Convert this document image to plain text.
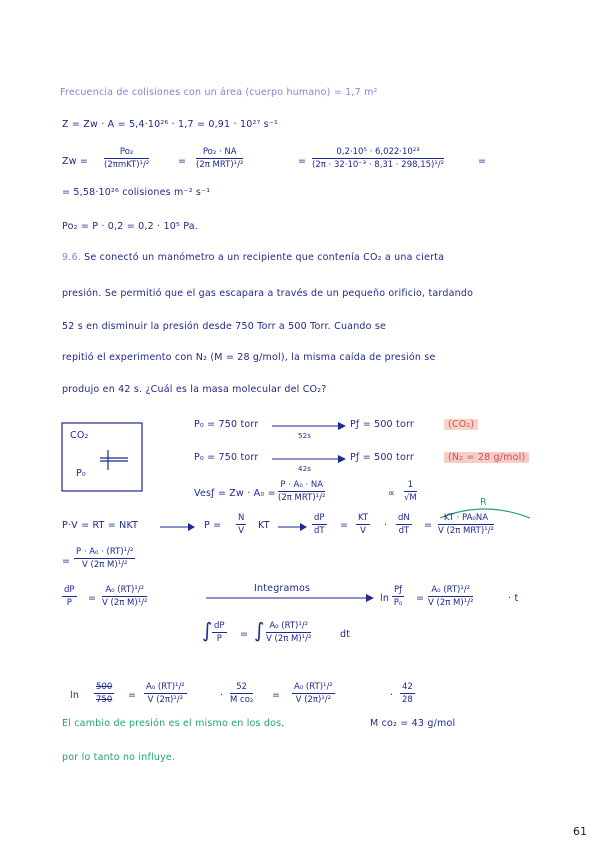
Frecuencia de colisiones con un área (cuerpo humano) = 1,7 m²
Z = Zw · A = 5,4·10²⁶ · 1,7 = 0,91 · 10²⁷ s⁻¹
Zw =
Po₂
(2πmKT)¹/²	=
Po₂ · NA
(2π MRT)¹/²	= $\frac{\text{0,2·10⁵ · 6,022·10²³}}{\text{(2π · 32·10⁻³ · 8,31 · 298,15)¹/²}}$	=
= 5,58·10²⁶ colisiones m⁻² s⁻¹
Po₂ = P · 0,2 = 0,2 · 10⁵ Pa.
9.6. Se conectó un manómetro a un recipiente que contenía CO₂ a una cierta
presión. Se permitió que el gas escapara a través de un pequeño orificio, tardando
52 s en disminuir la presión desde 750 Torr a 500 Torr. Cuando se
repitió el experimento con N₂ (M = 28 g/mol), la misma caída de presión se
produjo en 42 s. ¿Cuál es la masa molecular del CO₂?
CO₂
P₀
P₀ = 750 torr
52s
Pƒ = 500 torr	(CO₂)
P₀ = 750 torr
42s
Pƒ = 500 torr	(N₂ = 28 g/mol)
Vesƒ = Zw · A₀ =
P · A₀ · NA
(2π MRT)¹/²	∝ $\frac{1}{√M}$
P·V = RT = NKT	$P = \frac{N}{V}$ KT	$\frac{dP}{dT} = \frac{KT}{V} \cdot \frac{dN}{dT}$ =
R
KT · PA₀NA
V (2π MRT)¹/²
= $\frac{\text{P · A₀ · (RT)¹/²}}{\text{V (2π M)¹/²}}$
$\frac{dP}{P} = \frac{\text{A₀ (RT)¹/²}}{\text{V (2π M)¹/²}}$	Integramos
$\ln \frac{Pƒ}{\text{P₀}} = \frac{\text{A₀ (RT)¹/²}}{\text{V (2π M)¹/²}}$	· t
∫ $\frac{dP}{P}$ = ∫ $\frac{\text{A₀ (RT)¹/²}}{\text{V (2π M)¹/²}}$	dt
$\ln \frac{500}{750} = \frac{\text{A₀ (RT)¹/²}}{\text{V (2π)¹/²}}$	· $\frac{52}{\text{M co₂}} = \frac{\text{A₀ (RT)¹/²}}{\text{V (2π)¹/²}}$	· $\frac{42}{28}$
El cambio de presión es el mismo en los dos,	M co₂ = 43 g/mol
por lo tanto no influye.
61
